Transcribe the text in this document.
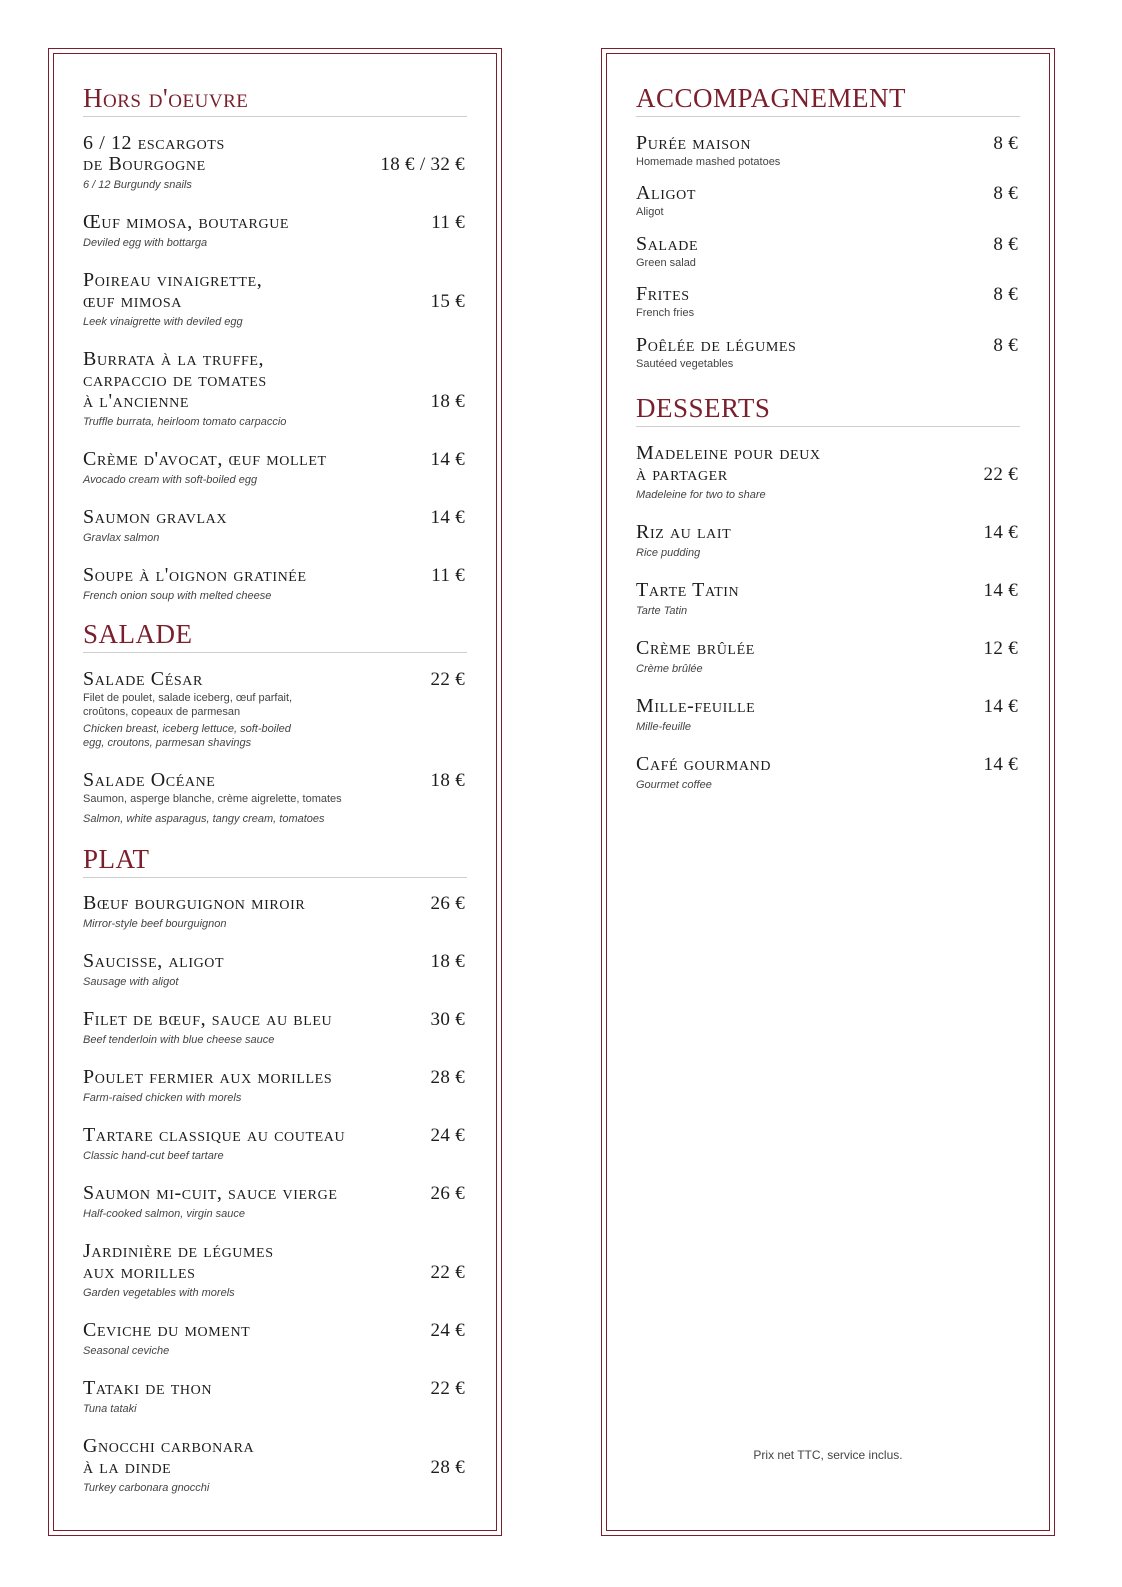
Hors d'oeuvre

6 / 12 escargots
de Bourgogne	18 € / 32 €

6 / 12 Burgundy snails

Œuf mimosa, boutargue	11 €

Deviled egg with bottarga

Poireau vinaigrette,
œuf mimosa	15 €

Leek vinaigrette with deviled egg

Burrata à la truffe,
carpaccio de tomates
à l'ancienne	18 €

Truffle burrata, heirloom tomato carpaccio

Crème d'avocat, œuf mollet	14 €

Avocado cream with soft-boiled egg

Saumon gravlax	14 €

Gravlax salmon

Soupe à l'oignon gratinée	11 €

French onion soup with melted cheese

SALADE

Salade César	22 €

Filet de poulet, salade iceberg, œuf parfait,
croûtons, copeaux de parmesan

Chicken breast, iceberg lettuce, soft-boiled
egg, croutons, parmesan shavings

Salade Océane	18 €

Saumon, asperge blanche, crème aigrelette, tomates

Salmon, white asparagus, tangy cream, tomatoes

PLAT

Bœuf bourguignon miroir	26 €

Mirror-style beef bourguignon

Saucisse, aligot	18 €

Sausage with aligot

Filet de bœuf, sauce au bleu	30 €

Beef tenderloin with blue cheese sauce

Poulet fermier aux morilles	28 €

Farm-raised chicken with morels

Tartare classique au couteau	24 €

Classic hand-cut beef tartare

Saumon mi-cuit, sauce vierge	26 €

Half-cooked salmon, virgin sauce

Jardinière de légumes
aux morilles	22 €

Garden vegetables with morels

Ceviche du moment	24 €

Seasonal ceviche

Tataki de thon	22 €

Tuna tataki

Gnocchi carbonara
à la dinde	28 €

Turkey carbonara gnocchi

ACCOMPAGNEMENT

Purée maison	8 €

Homemade mashed potatoes

Aligot	8 €

Aligot

Salade	8 €

Green salad

Frites	8 €

French fries

Poêlée de légumes	8 €

Sautéed vegetables

DESSERTS

Madeleine pour deux
à partager	22 €

Madeleine for two to share

Riz au lait	14 €

Rice pudding

Tarte Tatin	14 €

Tarte Tatin

Crème brûlée	12 €

Crème brûlée

Mille-feuille	14 €

Mille-feuille

Café gourmand	14 €

Gourmet coffee

Prix net TTC, service inclus.
